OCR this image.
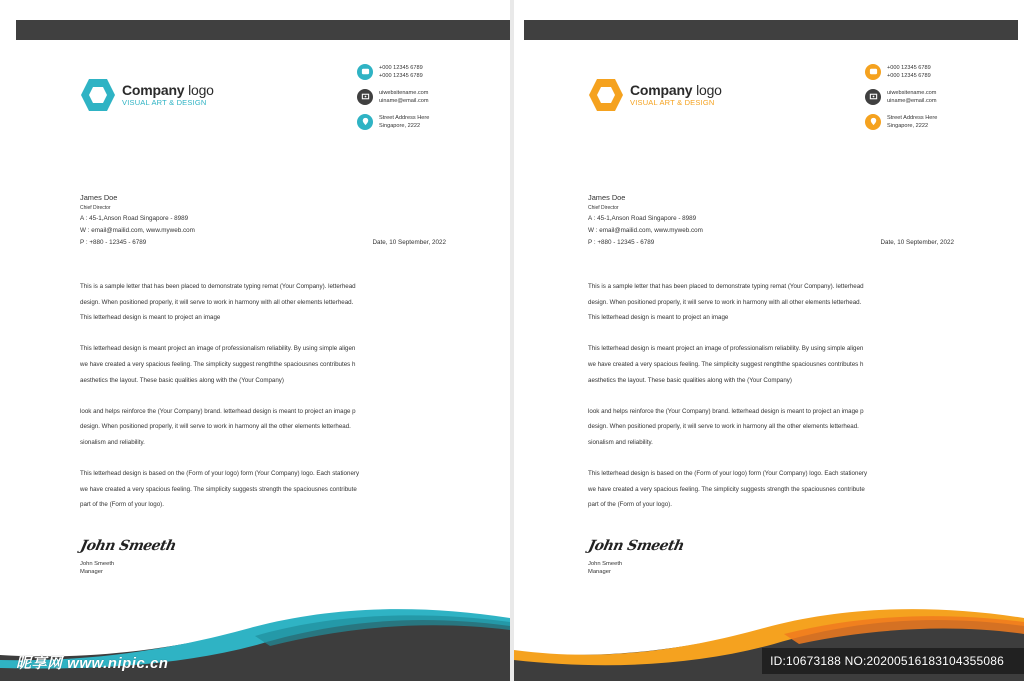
Company logo
VISUAL ART & DESIGN
+000 12345 6789
+000 12345 6789
uiwebsitename.com
uiname@email.com
Street Address Here
Singapore, 2222
James Doe
Chief Director
A : 45-1,Anson Road Singapore - 8989
W : email@mailid.com, www.myweb.com
P : +880 - 12345 - 6789	Date, 10 September, 2022
This is a sample letter that has been placed to demonstrate typing remat (Your Company). letterhead
design. When positioned properly, it will serve to work in harmony with all other elements letterhead.
This letterhead design is meant to project an image
This letterhead design is meant project an image of professionalism reliability. By using simple aligen
we have created a very spacious feeling. The simplicity suggest rengththe spaciousnes contributes h
aesthetics the layout. These basic qualities along with the (Your Company)
look and helps reinforce the (Your Company) brand. letterhead design is meant to project an image p
design. When positioned properly, it will serve to work in harmony all the other elements letterhead.
sionalism and reliability.
This letterhead design is based on the (Form of your logo) form (Your Company) logo. Each stationery
we have created a very spacious feeling. The simplicity suggests strength the spaciousnes contribute
part of the (Form of your logo).
John Smeeth
John Smeeth
Manager
昵享网 www.nipic.cn
Company logo
VISUAL ART & DESIGN
+000 12345 6789
+000 12345 6789
uiwebsitename.com
uiname@email.com
Street Address Here
Singapore, 2222
James Doe
Chief Director
A : 45-1,Anson Road Singapore - 8989
W : email@mailid.com, www.myweb.com
P : +880 - 12345 - 6789	Date, 10 September, 2022
This is a sample letter that has been placed to demonstrate typing remat (Your Company). letterhead
design. When positioned properly, it will serve to work in harmony with all other elements letterhead.
This letterhead design is meant to project an image
This letterhead design is meant project an image of professionalism reliability. By using simple aligen
we have created a very spacious feeling. The simplicity suggest rengththe spaciousnes contributes h
aesthetics the layout. These basic qualities along with the (Your Company)
look and helps reinforce the (Your Company) brand. letterhead design is meant to project an image p
design. When positioned properly, it will serve to work in harmony all the other elements letterhead.
sionalism and reliability.
This letterhead design is based on the (Form of your logo) form (Your Company) logo. Each stationery
we have created a very spacious feeling. The simplicity suggests strength the spaciousnes contribute
part of the (Form of your logo).
John Smeeth
John Smeeth
Manager
ID:10673188 NO:20200516183104355086
